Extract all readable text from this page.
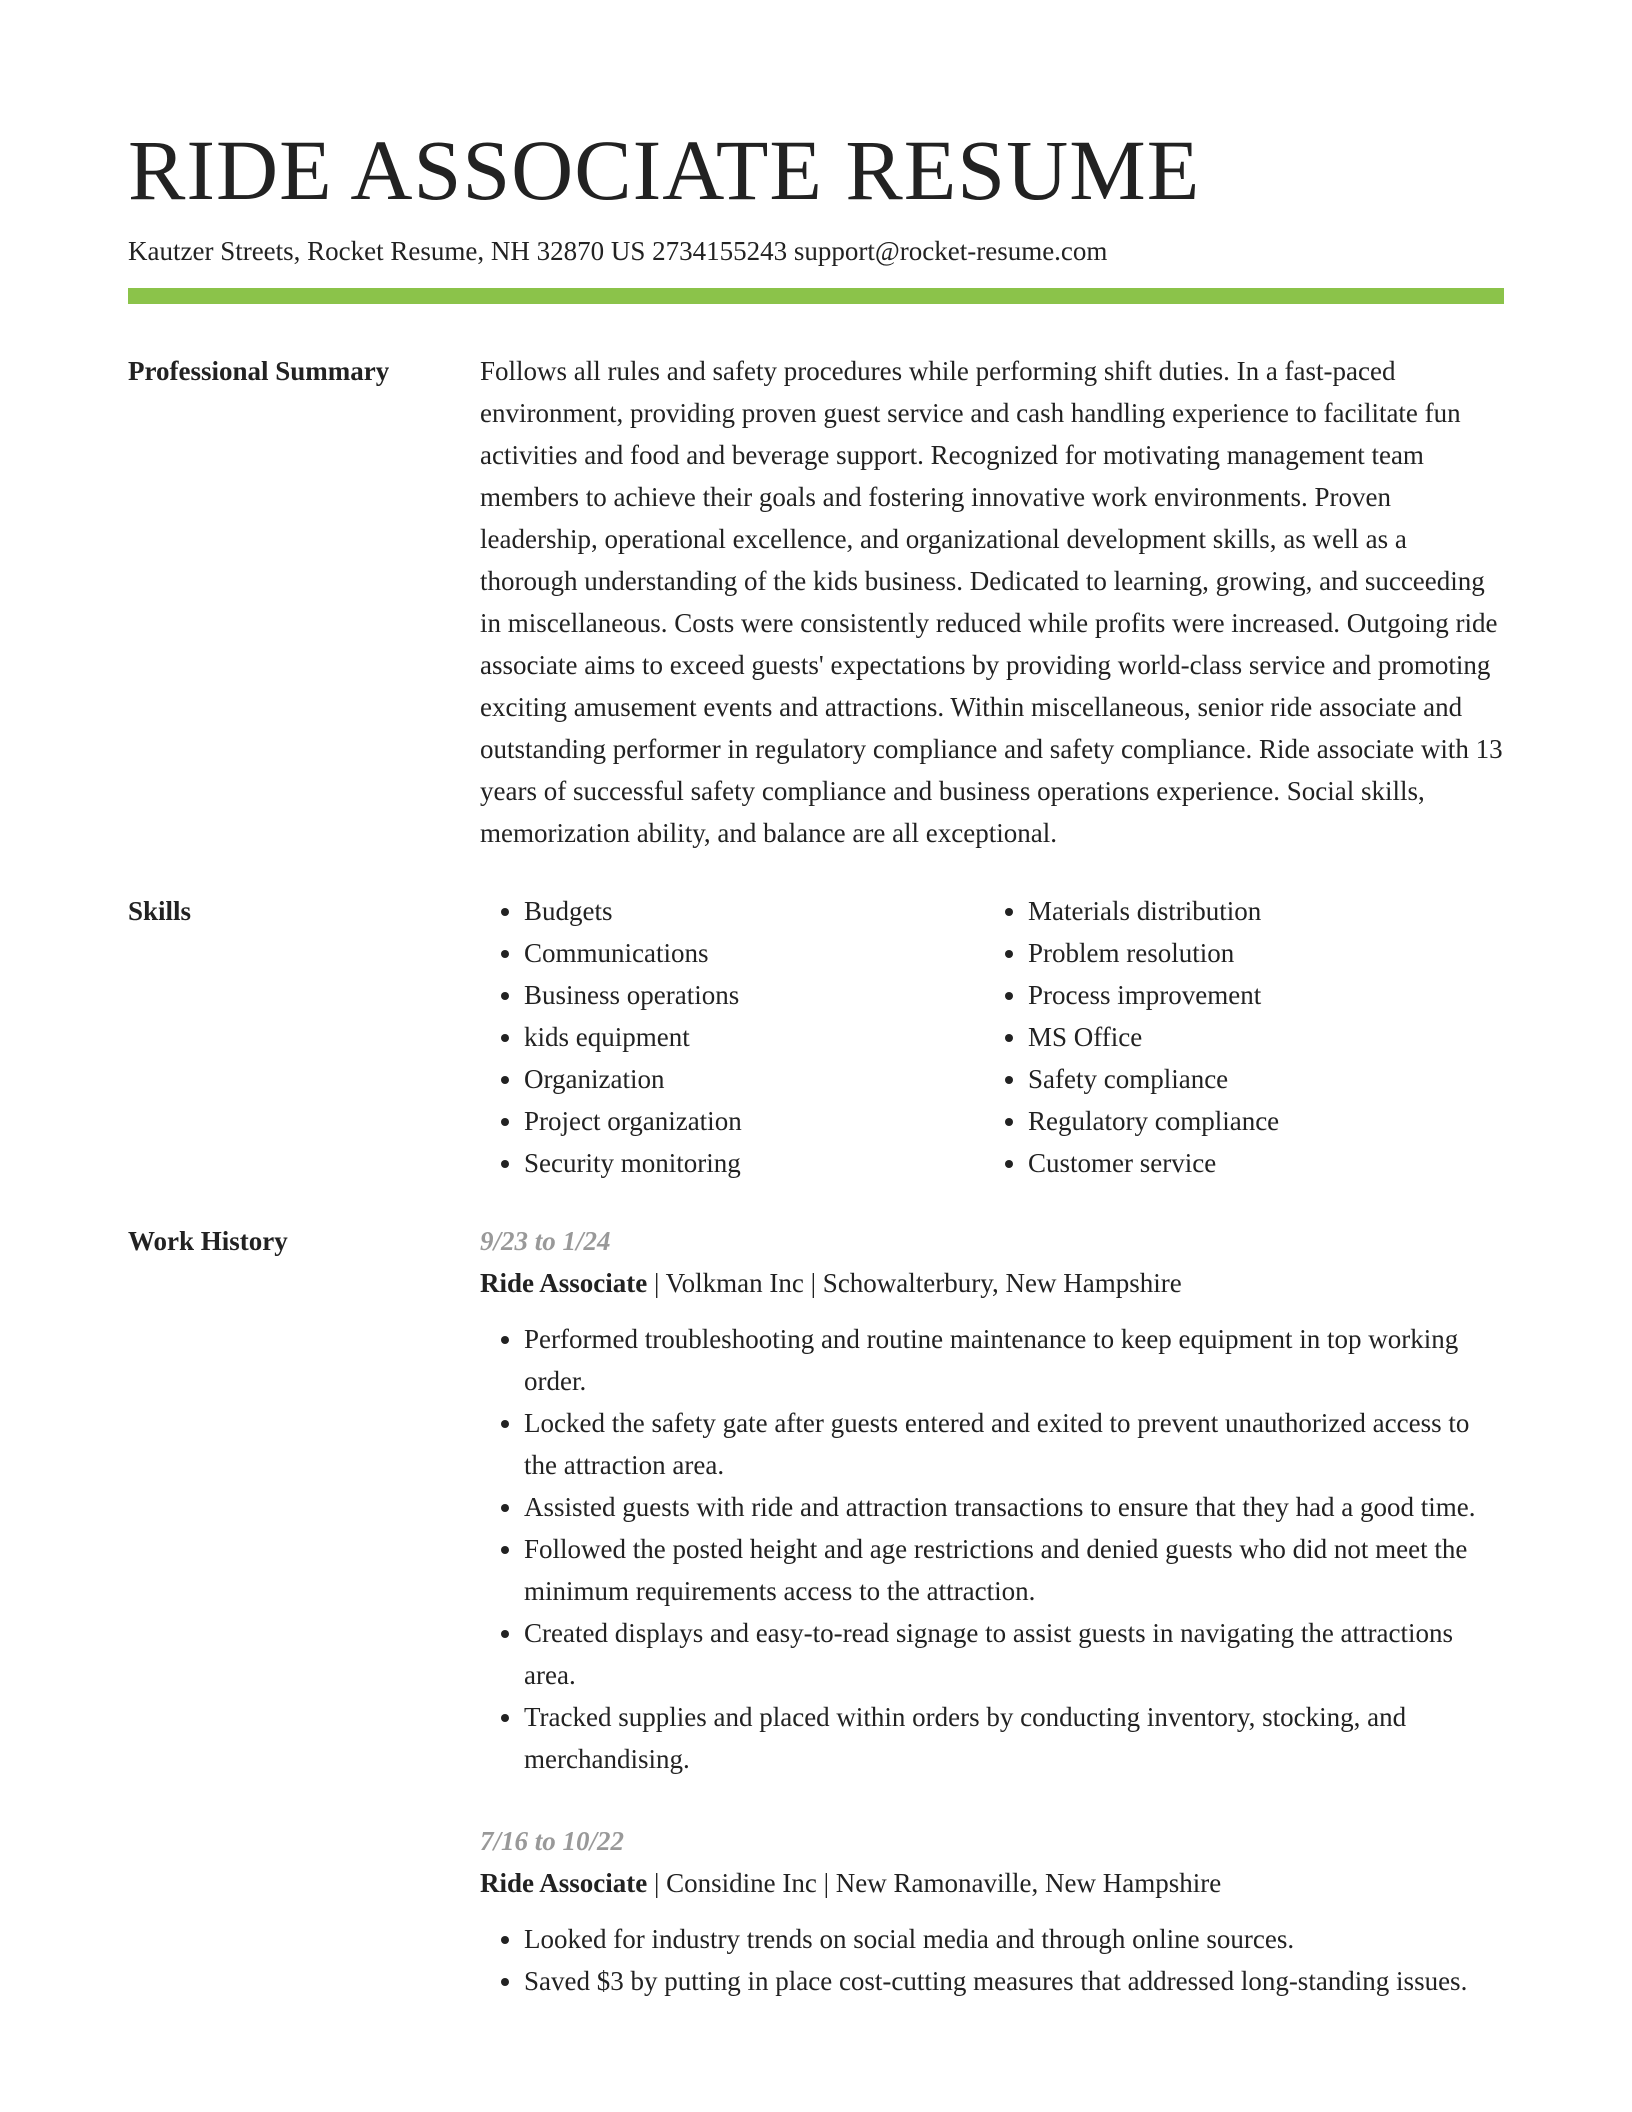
RIDE ASSOCIATE RESUME
Kautzer Streets, Rocket Resume, NH 32870 US 2734155243 support@rocket-resume.com
Professional Summary	Follows all rules and safety procedures while performing shift duties. In a fast-paced environment, providing proven guest service and cash handling experience to facilitate fun activities and food and beverage support. Recognized for motivating management team members to achieve their goals and fostering innovative work environments. Proven leadership, operational excellence, and organizational development skills, as well as a thorough understanding of the kids business. Dedicated to learning, growing, and succeeding in miscellaneous. Costs were consistently reduced while profits were increased. Outgoing ride associate aims to exceed guests' expectations by providing world-class service and promoting exciting amusement events and attractions. Within miscellaneous, senior ride associate and outstanding performer in regulatory compliance and safety compliance. Ride associate with 13 years of successful safety compliance and business operations experience. Social skills, memorization ability, and balance are all exceptional.

Skills
•	Budgets
• Communications
• Business operations
• kids equipment
• Organization
• Project organization
• Security monitoring
• Materials distribution
• Problem resolution
• Process improvement
• MS Office
• Safety compliance
• Regulatory compliance
• Customer service
Work History	9/23 to 1/24
Ride Associate | Volkman Inc | Schowalterbury, New Hampshire
• Performed troubleshooting and routine maintenance to keep equipment in top working order.
• Locked the safety gate after guests entered and exited to prevent unauthorized access to the attraction area.
• Assisted guests with ride and attraction transactions to ensure that they had a good time.
• Followed the posted height and age restrictions and denied guests who did not meet the minimum requirements access to the attraction.
• Created displays and easy-to-read signage to assist guests in navigating the attractions area.
• Tracked supplies and placed within orders by conducting inventory, stocking, and merchandising.
7/16 to 10/22
Ride Associate | Considine Inc | New Ramonaville, New Hampshire
• Looked for industry trends on social media and through online sources.
• Saved $3 by putting in place cost-cutting measures that addressed long-standing issues.
